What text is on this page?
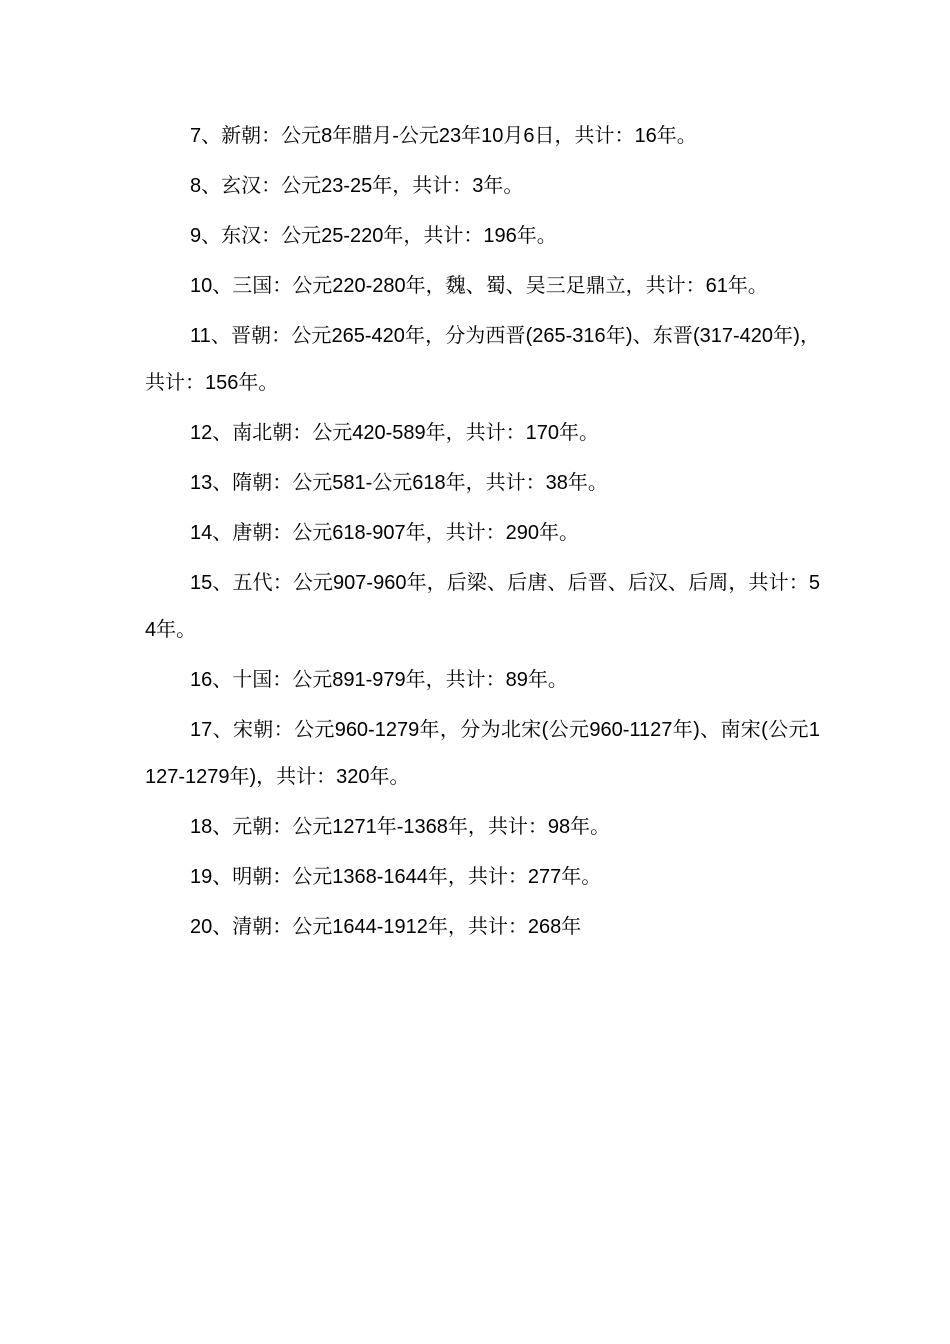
7、新朝：公元8年腊月-公元23年10月6日，共计：16年。

8、玄汉：公元23-25年，共计：3年。

9、东汉：公元25-220年，共计：196年。

10、三国：公元220-280年，魏、蜀、吴三足鼎立，共计：61年。

11、晋朝：公元265-420年，分为西晋(265-316年)、东晋(317-420年)，共计：156年。

12、南北朝：公元420-589年，共计：170年。

13、隋朝：公元581-公元618年，共计：38年。

14、唐朝：公元618-907年，共计：290年。

15、五代：公元907-960年，后梁、后唐、后晋、后汉、后周，共计：54年。

16、十国：公元891-979年，共计：89年。

17、宋朝：公元960-1279年，分为北宋(公元960-1127年)、南宋(公元1127-1279年)，共计：320年。

18、元朝：公元1271年-1368年，共计：98年。

19、明朝：公元1368-1644年，共计：277年。

20、清朝：公元1644-1912年，共计：268年
